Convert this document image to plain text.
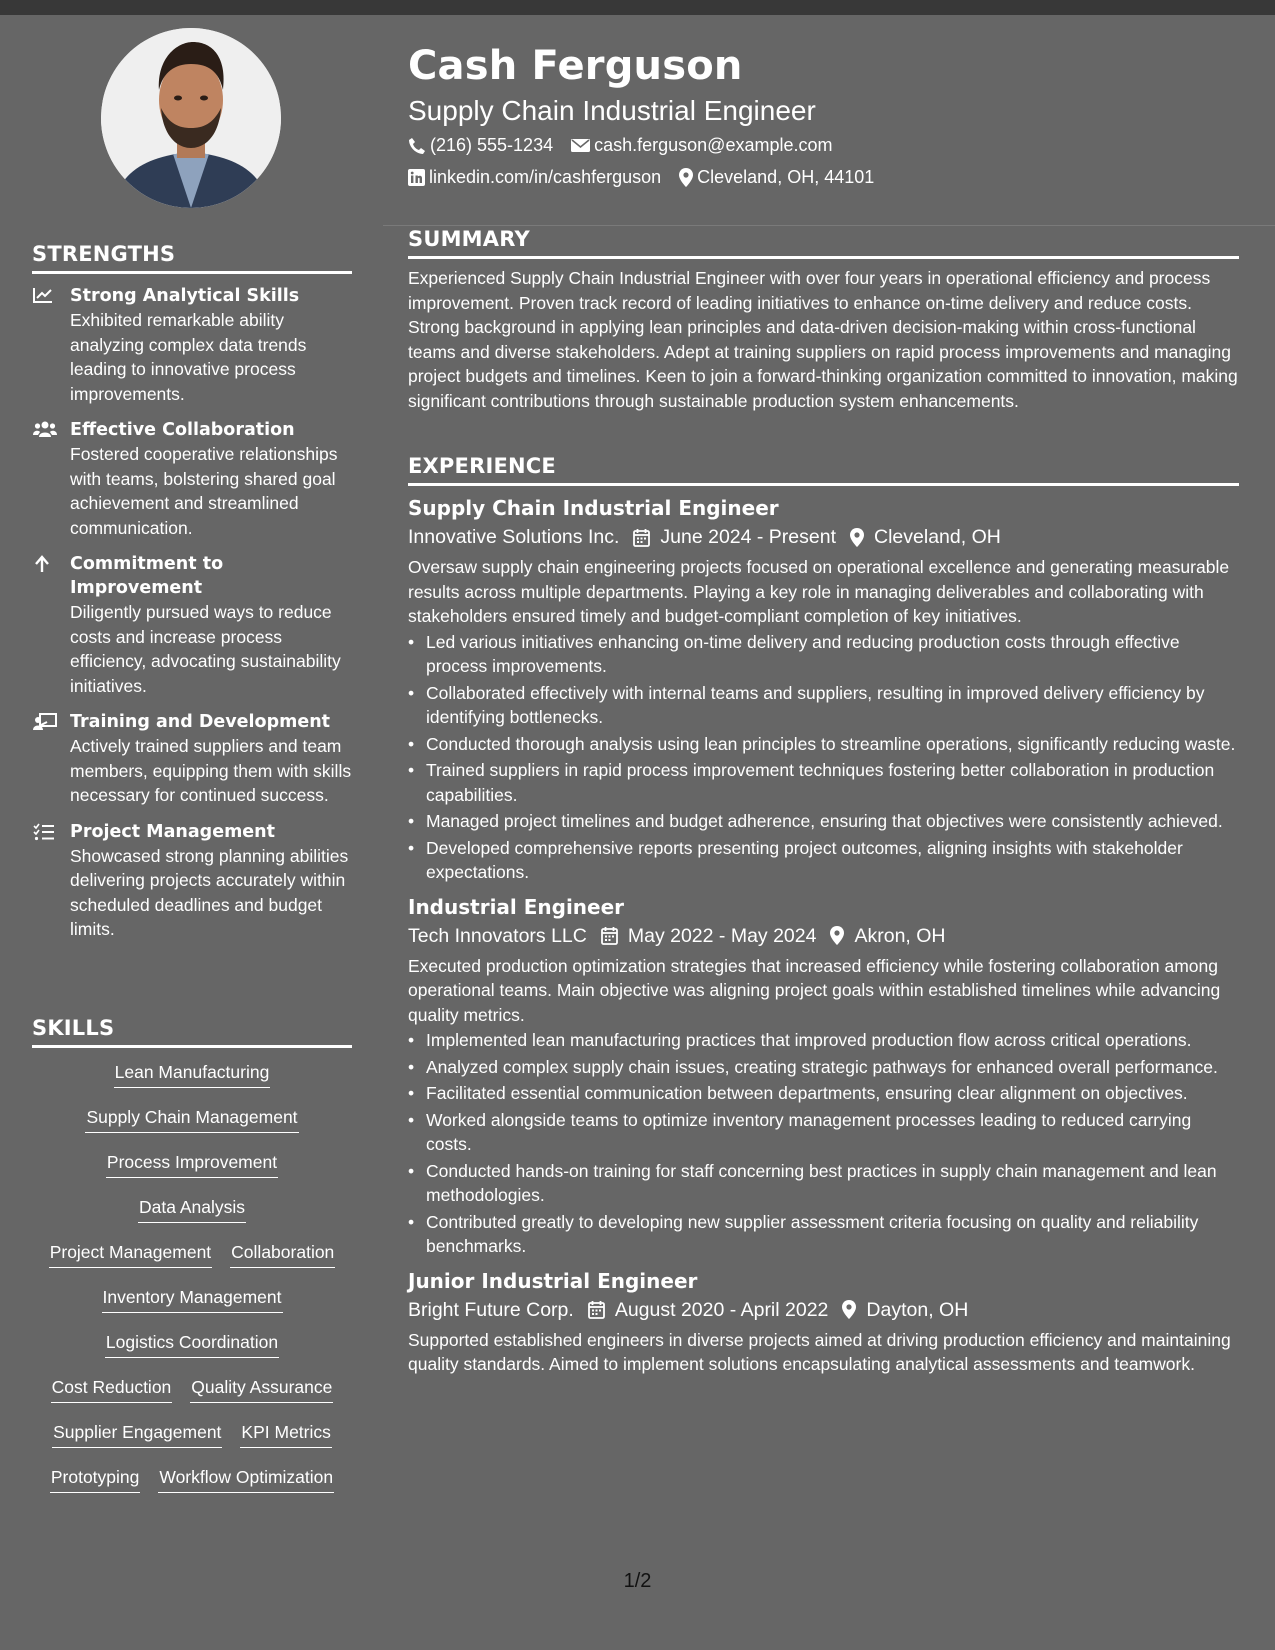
STRENGTHS
Strong Analytical Skills
Exhibited remarkable ability analyzing complex data trends leading to innovative process improvements.
Effective Collaboration
Fostered cooperative relationships with teams, bolstering shared goal achievement and streamlined communication.
Commitment to Improvement
Diligently pursued ways to reduce costs and increase process efficiency, advocating sustainability initiatives.
Training and Development
Actively trained suppliers and team members, equipping them with skills necessary for continued success.
Project Management
Showcased strong planning abilities delivering projects accurately within scheduled deadlines and budget limits.
SKILLS
Lean Manufacturing
Supply Chain Management
Process Improvement
Data Analysis
Project Management Collaboration
Inventory Management
Logistics Coordination
Cost Reduction Quality Assurance
Supplier Engagement KPI Metrics
Prototyping Workflow Optimization
Cash Ferguson
Supply Chain Industrial Engineer
(216) 555-1234 cash.ferguson@example.com
linkedin.com/in/cashferguson Cleveland, OH, 44101
SUMMARY
Experienced Supply Chain Industrial Engineer with over four years in operational efficiency and process improvement. Proven track record of leading initiatives to enhance on-time delivery and reduce costs. Strong background in applying lean principles and data-driven decision-making within cross-functional teams and diverse stakeholders. Adept at training suppliers on rapid process improvements and managing project budgets and timelines. Keen to join a forward-thinking organization committed to innovation, making significant contributions through sustainable production system enhancements.
EXPERIENCE
Supply Chain Industrial Engineer
Innovative Solutions Inc. June 2024 - Present Cleveland, OH
Oversaw supply chain engineering projects focused on operational excellence and generating measurable results across multiple departments. Playing a key role in managing deliverables and collaborating with stakeholders ensured timely and budget-compliant completion of key initiatives.
• Led various initiatives enhancing on-time delivery and reducing production costs through effective process improvements.
• Collaborated effectively with internal teams and suppliers, resulting in improved delivery efficiency by identifying bottlenecks.
• Conducted thorough analysis using lean principles to streamline operations, significantly reducing waste.
• Trained suppliers in rapid process improvement techniques fostering better collaboration in production capabilities.
• Managed project timelines and budget adherence, ensuring that objectives were consistently achieved.
• Developed comprehensive reports presenting project outcomes, aligning insights with stakeholder expectations.
Industrial Engineer
Tech Innovators LLC May 2022 - May 2024 Akron, OH
Executed production optimization strategies that increased efficiency while fostering collaboration among operational teams. Main objective was aligning project goals within established timelines while advancing quality metrics.
• Implemented lean manufacturing practices that improved production flow across critical operations.
• Analyzed complex supply chain issues, creating strategic pathways for enhanced overall performance.
• Facilitated essential communication between departments, ensuring clear alignment on objectives.
• Worked alongside teams to optimize inventory management processes leading to reduced carrying costs.
• Conducted hands-on training for staff concerning best practices in supply chain management and lean methodologies.
• Contributed greatly to developing new supplier assessment criteria focusing on quality and reliability benchmarks.
Junior Industrial Engineer
Bright Future Corp. August 2020 - April 2022 Dayton, OH
Supported established engineers in diverse projects aimed at driving production efficiency and maintaining quality standards. Aimed to implement solutions encapsulating analytical assessments and teamwork.
1/2
